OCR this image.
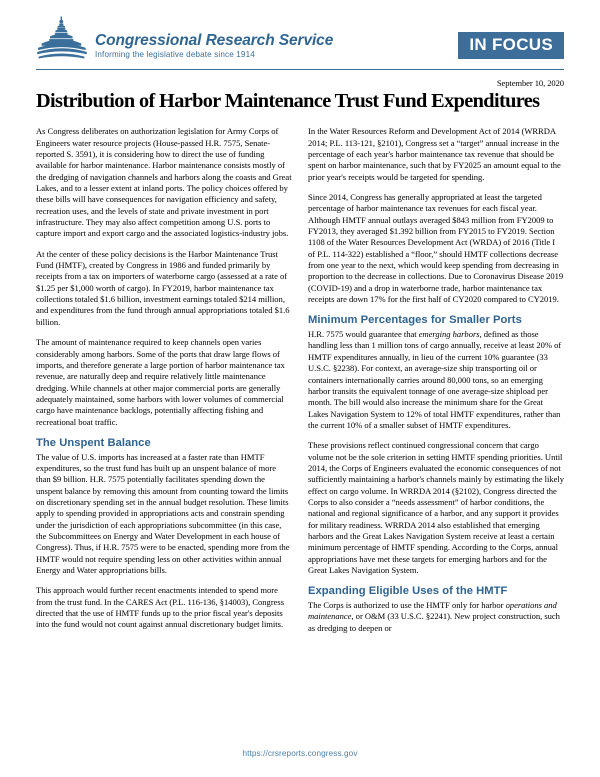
Congressional Research Service
Informing the legislative debate since 1914	IN FOCUS
September 10, 2020
Distribution of Harbor Maintenance Trust Fund Expenditures

As Congress deliberates on authorization legislation for Army Corps of Engineers water resource projects (House-passed H.R. 7575, Senate-reported S. 3591), it is considering how to direct the use of funding available for harbor maintenance. Harbor maintenance consists mostly of the dredging of navigation channels and harbors along the coasts and Great Lakes, and to a lesser extent at inland ports. The policy choices offered by these bills will have consequences for navigation efficiency and safety, recreation uses, and the levels of state and private investment in port infrastructure. They may also affect competition among U.S. ports to capture import and export cargo and the associated logistics-industry jobs.

At the center of these policy decisions is the Harbor Maintenance Trust Fund (HMTF), created by Congress in 1986 and funded primarily by receipts from a tax on importers of waterborne cargo (assessed at a rate of $1.25 per $1,000 worth of cargo). In FY2019, harbor maintenance tax collections totaled $1.6 billion, investment earnings totaled $214 million, and expenditures from the fund through annual appropriations totaled $1.6 billion.

The amount of maintenance required to keep channels open varies considerably among harbors. Some of the ports that draw large flows of imports, and therefore generate a large portion of harbor maintenance tax revenue, are naturally deep and require relatively little maintenance dredging. While channels at other major commercial ports are generally adequately maintained, some harbors with lower volumes of commercial cargo have maintenance backlogs, potentially affecting fishing and recreational boat traffic.

The Unspent Balance

The value of U.S. imports has increased at a faster rate than HMTF expenditures, so the trust fund has built up an unspent balance of more than $9 billion. H.R. 7575 potentially facilitates spending down the unspent balance by removing this amount from counting toward the limits on discretionary spending set in the annual budget resolution. These limits apply to spending provided in appropriations acts and constrain spending under the jurisdiction of each appropriations subcommittee (in this case, the Subcommittees on Energy and Water Development in each house of Congress). Thus, if H.R. 7575 were to be enacted, spending more from the HMTF would not require spending less on other activities within annual Energy and Water appropriations bills.

This approach would further recent enactments intended to spend more from the trust fund. In the CARES Act (P.L. 116-136, §14003), Congress directed that the use of HMTF funds up to the prior fiscal year's deposits into the fund would not count against annual discretionary budget limits.

In the Water Resources Reform and Development Act of 2014 (WRRDA 2014; P.L. 113-121, §2101), Congress set a “target” annual increase in the percentage of each year's harbor maintenance tax revenue that should be spent on harbor maintenance, such that by FY2025 an amount equal to the prior year's receipts would be targeted for spending.

Since 2014, Congress has generally appropriated at least the targeted percentage of harbor maintenance tax revenues for each fiscal year. Although HMTF annual outlays averaged $843 million from FY2009 to FY2013, they averaged $1.392 billion from FY2015 to FY2019. Section 1108 of the Water Resources Development Act (WRDA) of 2016 (Title I of P.L. 114-322) established a “floor,” should HMTF collections decrease from one year to the next, which would keep spending from decreasing in proportion to the decrease in collections. Due to Coronavirus Disease 2019 (COVID-19) and a drop in waterborne trade, harbor maintenance tax receipts are down 17% for the first half of CY2020 compared to CY2019.

Minimum Percentages for Smaller Ports

H.R. 7575 would guarantee that emerging harbors, defined as those handling less than 1 million tons of cargo annually, receive at least 20% of HMTF expenditures annually, in lieu of the current 10% guarantee (33 U.S.C. §2238). For context, an average-size ship transporting oil or containers internationally carries around 80,000 tons, so an emerging harbor transits the equivalent tonnage of one average-size shipload per month. The bill would also increase the minimum share for the Great Lakes Navigation System to 12% of total HMTF expenditures, rather than the current 10% of a smaller subset of HMTF expenditures.

These provisions reflect continued congressional concern that cargo volume not be the sole criterion in setting HMTF spending priorities. Until 2014, the Corps of Engineers evaluated the economic consequences of not sufficiently maintaining a harbor's channels mainly by estimating the likely effect on cargo volume. In WRRDA 2014 (§2102), Congress directed the Corps to also consider a “needs assessment” of harbor conditions, the national and regional significance of a harbor, and any support it provides for military readiness. WRRDA 2014 also established that emerging harbors and the Great Lakes Navigation System receive at least a certain minimum percentage of HMTF spending. According to the Corps, annual appropriations have met these targets for emerging harbors and for the Great Lakes Navigation System.

Expanding Eligible Uses of the HMTF

The Corps is authorized to use the HMTF only for harbor operations and maintenance, or O&M (33 U.S.C. §2241). New project construction, such as dredging to deepen or

https://crsreports.congress.gov
